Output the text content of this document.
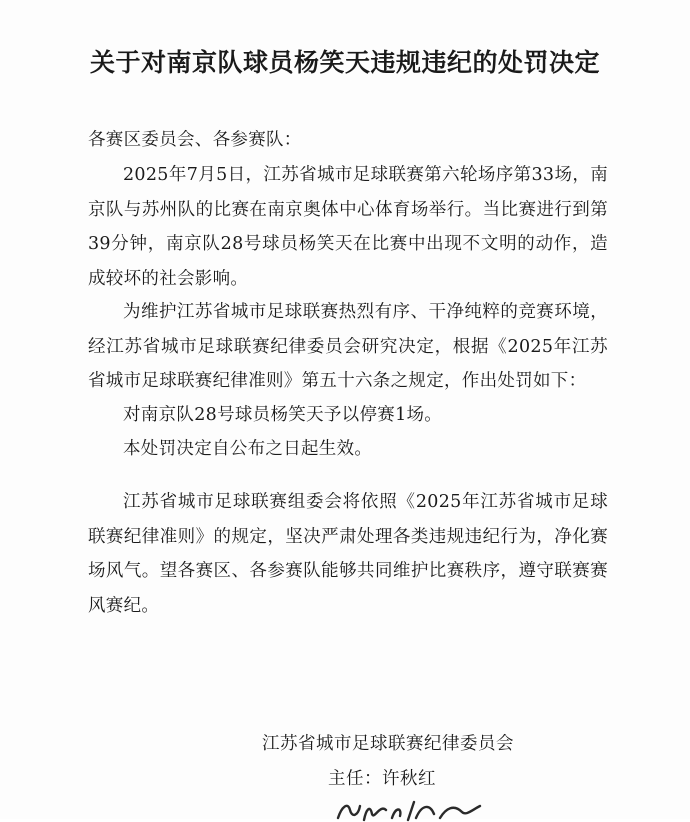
关于对南京队球员杨笑天违规违纪的处罚决定

各赛区委员会、各参赛队：

2025年7月5日，江苏省城市足球联赛第六轮场序第33场，南京队与苏州队的比赛在南京奥体中心体育场举行。当比赛进行到第39分钟，南京队28号球员杨笑天在比赛中出现不文明的动作，造成较坏的社会影响。

为维护江苏省城市足球联赛热烈有序、干净纯粹的竞赛环境，经江苏省城市足球联赛纪律委员会研究决定，根据《2025年江苏省城市足球联赛纪律准则》第五十六条之规定，作出处罚如下：

对南京队28号球员杨笑天予以停赛1场。

本处罚决定自公布之日起生效。

江苏省城市足球联赛组委会将依照《2025年江苏省城市足球联赛纪律准则》的规定，坚决严肃处理各类违规违纪行为，净化赛场风气。望各赛区、各参赛队能够共同维护比赛秩序，遵守联赛赛风赛纪。

江苏省城市足球联赛纪律委员会
主任：许秋红
